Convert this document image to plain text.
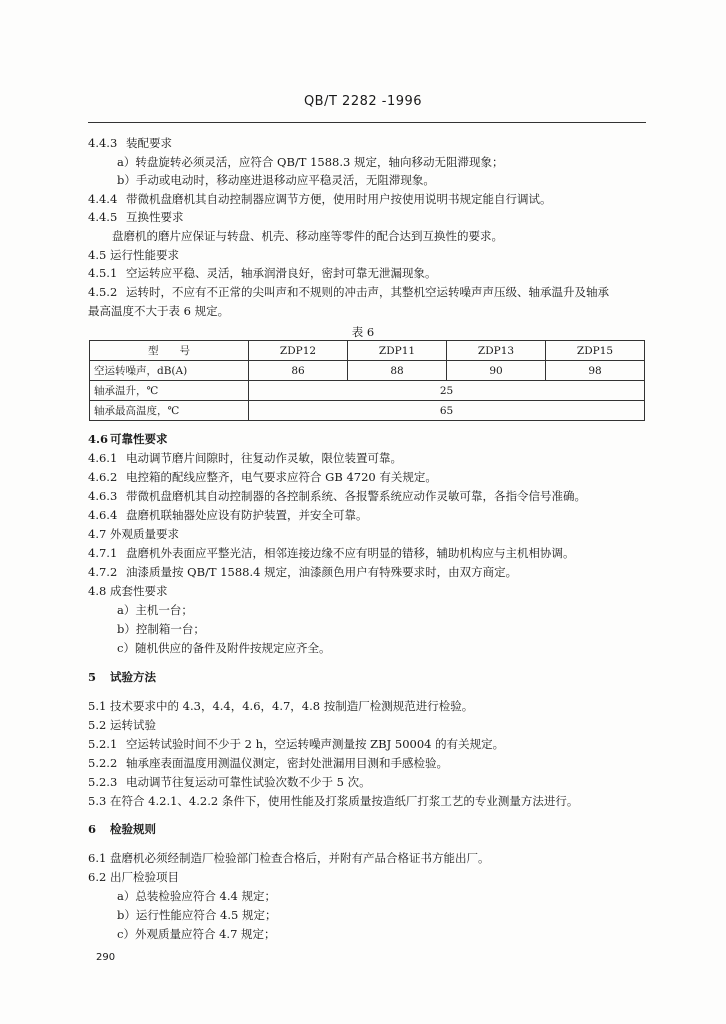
QB/T 2282 -1996
4.4.3 装配要求
a）转盘旋转必须灵活，应符合 QB/T 1588.3 规定，轴向移动无阻滞现象；
b）手动或电动时，移动座进退移动应平稳灵活，无阻滞现象。
4.4.4 带微机盘磨机其自动控制器应调节方便，使用时用户按使用说明书规定能自行调试。
4.4.5 互换性要求
盘磨机的磨片应保证与转盘、机壳、移动座等零件的配合达到互换性的要求。
4.5 运行性能要求
4.5.1 空运转应平稳、灵活，轴承润滑良好，密封可靠无泄漏现象。
4.5.2 运转时，不应有不正常的尖叫声和不规则的冲击声，其整机空运转噪声声压级、轴承温升及轴承
最高温度不大于表 6 规定。
表 6
型　　号	ZDP12	ZDP11	ZDP13	ZDP15
空运转噪声，dB(A)	86	88	90	98
轴承温升，℃	25			
轴承最高温度，℃	65			
4.6 可靠性要求
4.6.1 电动调节磨片间隙时，往复动作灵敏，限位装置可靠。
4.6.2 电控箱的配线应整齐，电气要求应符合 GB 4720 有关规定。
4.6.3 带微机盘磨机其自动控制器的各控制系统、各报警系统应动作灵敏可靠，各指令信号准确。
4.6.4 盘磨机联轴器处应设有防护装置，并安全可靠。
4.7 外观质量要求
4.7.1 盘磨机外表面应平整光洁，相邻连接边缘不应有明显的错移，辅助机构应与主机相协调。
4.7.2 油漆质量按 QB/T 1588.4 规定，油漆颜色用户有特殊要求时，由双方商定。
4.8 成套性要求
a）主机一台；
b）控制箱一台；
c）随机供应的备件及附件按规定应齐全。
5 试验方法
5.1 技术要求中的 4.3，4.4，4.6，4.7，4.8 按制造厂检测规范进行检验。
5.2 运转试验
5.2.1 空运转试验时间不少于 2 h，空运转噪声测量按 ZBJ 50004 的有关规定。
5.2.2 轴承座表面温度用测温仪测定，密封处泄漏用目测和手感检验。
5.2.3 电动调节往复运动可靠性试验次数不少于 5 次。
5.3 在符合 4.2.1、4.2.2 条件下，使用性能及打浆质量按造纸厂打浆工艺的专业测量方法进行。
6 检验规则
6.1 盘磨机必须经制造厂检验部门检查合格后，并附有产品合格证书方能出厂。
6.2 出厂检验项目
a）总装检验应符合 4.4 规定；
b）运行性能应符合 4.5 规定；
c）外观质量应符合 4.7 规定；
290
